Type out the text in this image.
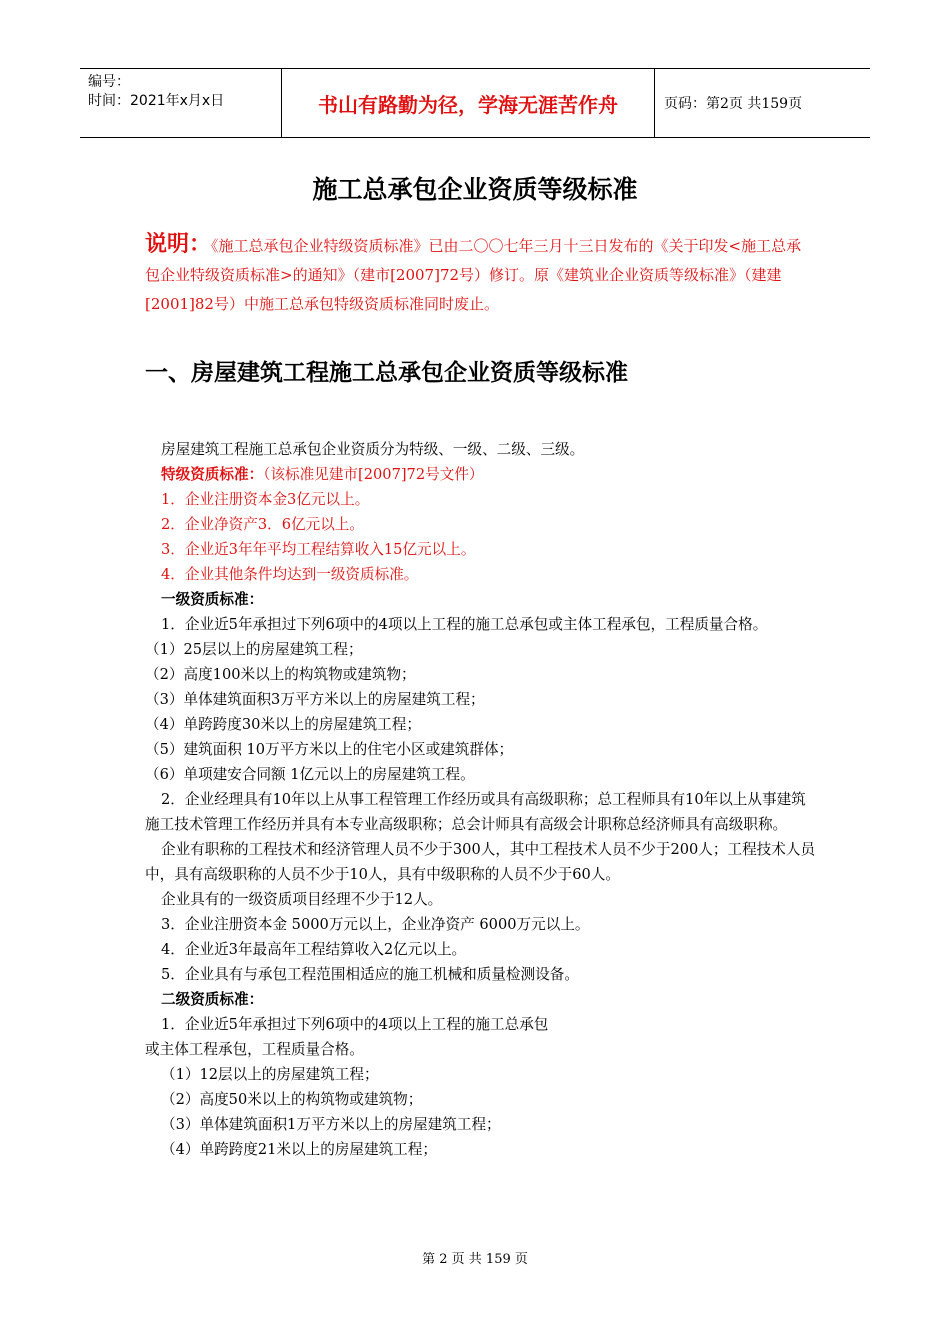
编号：
时间：2021年x月x日	书山有路勤为径，学海无涯苦作舟	页码：第2页 共159页
施工总承包企业资质等级标准
说明：《施工总承包企业特级资质标准》已由二〇〇七年三月十三日发布的《关于印发<施工总承包企业特级资质标准>的通知》（建市[2007]72号）修订。原《建筑业企业资质等级标准》（建建[2001]82号）中施工总承包特级资质标准同时废止。
一、房屋建筑工程施工总承包企业资质等级标准

房屋建筑工程施工总承包企业资质分为特级、一级、二级、三级。

特级资质标准：（该标准见建市[2007]72号文件）

1．企业注册资本金3亿元以上。

2．企业净资产3．6亿元以上。

3．企业近3年年平均工程结算收入15亿元以上。

4．企业其他条件均达到一级资质标准。

一级资质标准：

1．企业近5年承担过下列6项中的4项以上工程的施工总承包或主体工程承包，工程质量合格。

（1）25层以上的房屋建筑工程；

（2）高度100米以上的构筑物或建筑物；

（3）单体建筑面积3万平方米以上的房屋建筑工程；

（4）单跨跨度30米以上的房屋建筑工程；

（5）建筑面积 10万平方米以上的住宅小区或建筑群体；

（6）单项建安合同额 1亿元以上的房屋建筑工程。

2．企业经理具有10年以上从事工程管理工作经历或具有高级职称；总工程师具有10年以上从事建筑施工技术管理工作经历并具有本专业高级职称；总会计师具有高级会计职称总经济师具有高级职称。

企业有职称的工程技术和经济管理人员不少于300人，其中工程技术人员不少于200人；工程技术人员中，具有高级职称的人员不少于10人，具有中级职称的人员不少于60人。

企业具有的一级资质项目经理不少于12人。

3．企业注册资本金 5000万元以上，企业净资产 6000万元以上。

4．企业近3年最高年工程结算收入2亿元以上。

5．企业具有与承包工程范围相适应的施工机械和质量检测设备。

二级资质标准：

1．企业近5年承担过下列6项中的4项以上工程的施工总承包

或主体工程承包，工程质量合格。

（1）12层以上的房屋建筑工程；

（2）高度50米以上的构筑物或建筑物；

（3）单体建筑面积1万平方米以上的房屋建筑工程；

（4）单跨跨度21米以上的房屋建筑工程；

第 2 页 共 159 页
